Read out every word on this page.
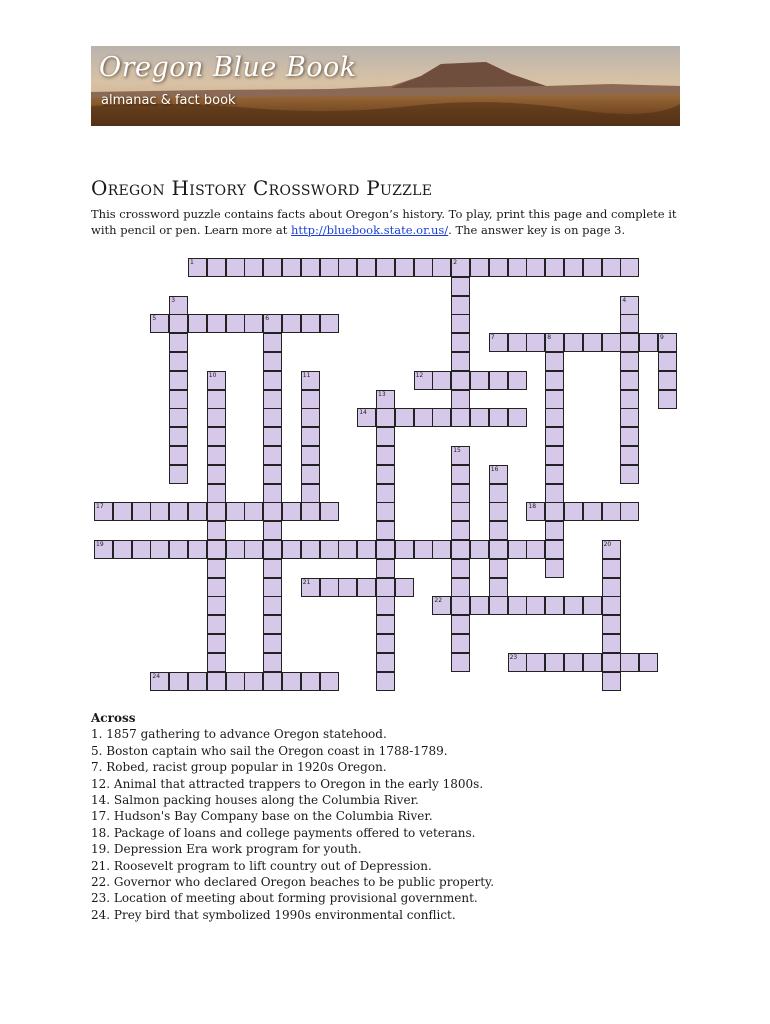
Oregon Blue Book
almanac & fact book
Oregon History Crossword Puzzle
This crossword puzzle contains facts about Oregon’s history. To play, print this page and complete it with pencil or pen. Learn more at http://bluebook.state.or.us/. The answer key is on page 3.
1	2
3	4
5	6
7	8	9
10	11	12
13
14
15
16
17	18
19	20
21
22
23
24
Across
1. 1857 gathering to advance Oregon statehood.
5. Boston captain who sail the Oregon coast in 1788-1789.
7. Robed, racist group popular in 1920s Oregon.
12. Animal that attracted trappers to Oregon in the early 1800s.
14. Salmon packing houses along the Columbia River.
17. Hudson's Bay Company base on the Columbia River.
18. Package of loans and college payments offered to veterans.
19. Depression Era work program for youth.
21. Roosevelt program to lift country out of Depression.
22. Governor who declared Oregon beaches to be public property.
23. Location of meeting about forming provisional government.
24. Prey bird that symbolized 1990s environmental conflict.
